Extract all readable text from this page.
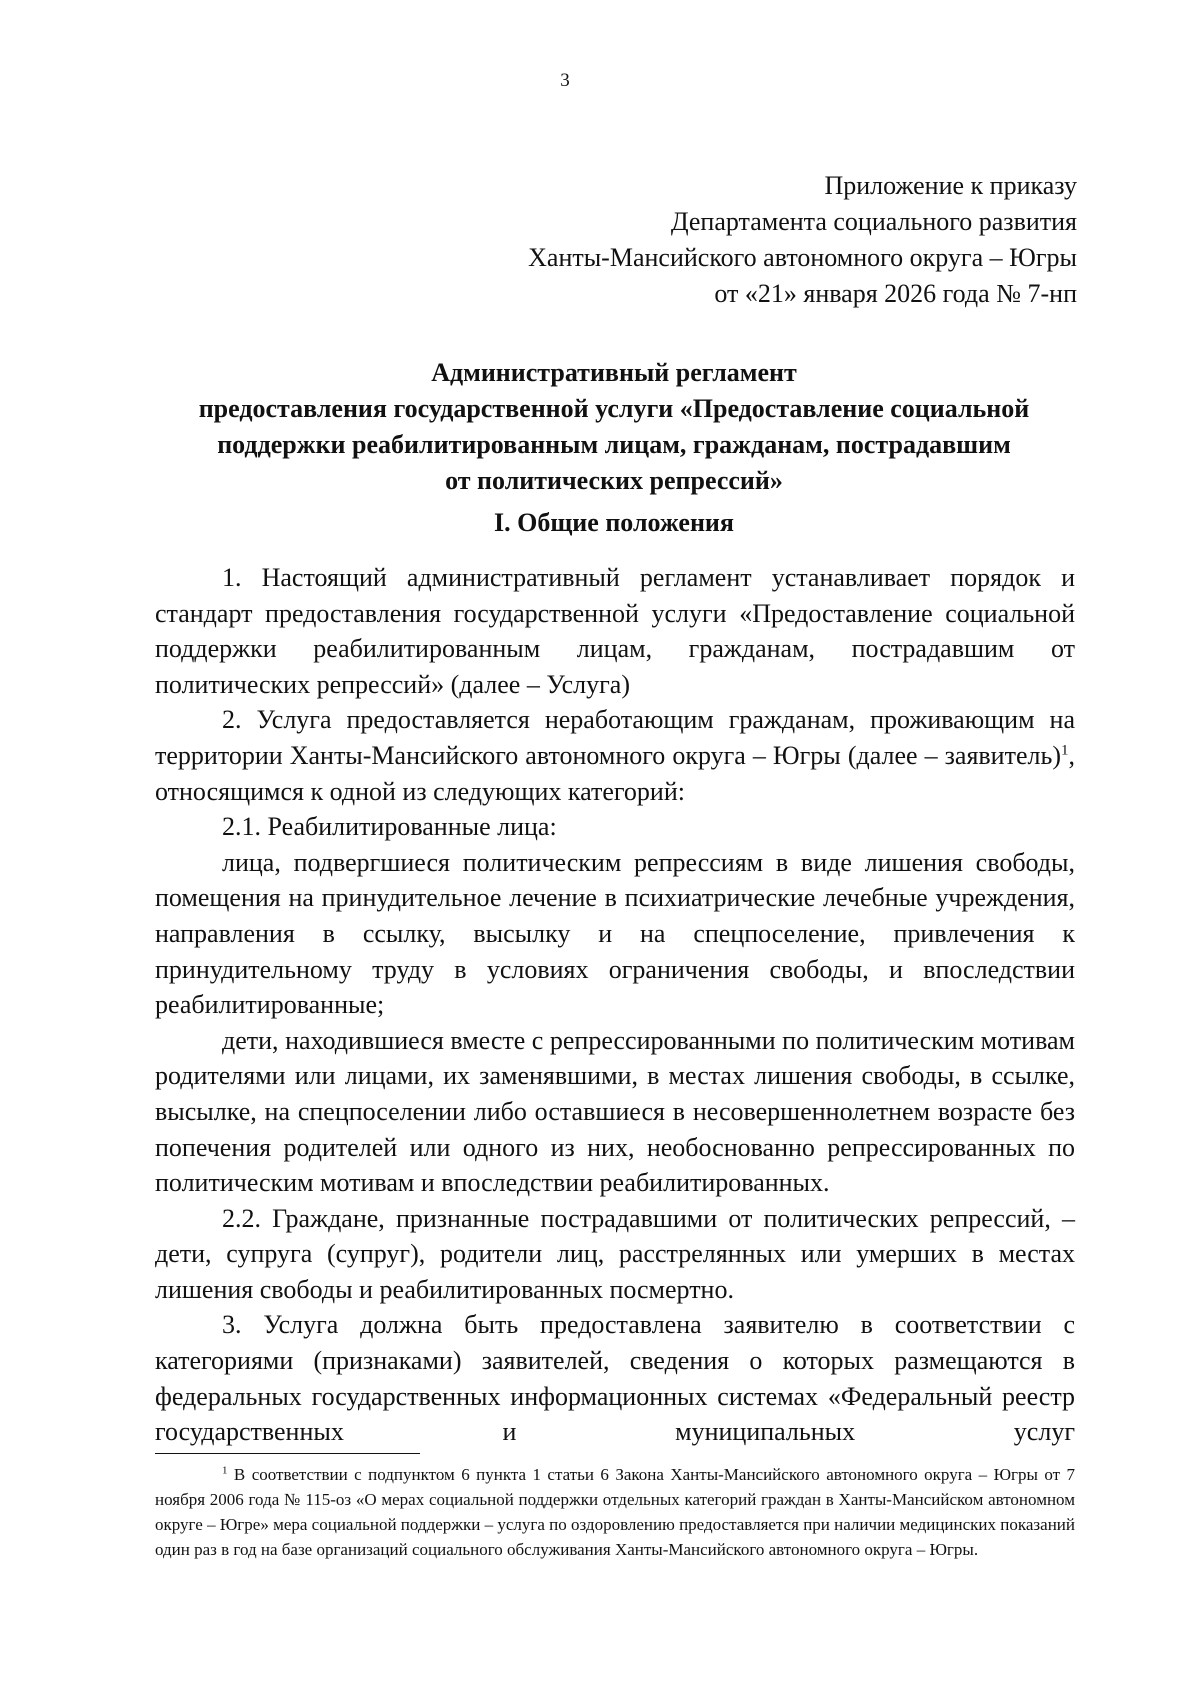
3
Приложение к приказу
Департамента социального развития
Ханты-Мансийского автономного округа – Югры
от «21» января 2026 года № 7-нп
Административный регламент
предоставления государственной услуги «Предоставление социальной
поддержки реабилитированным лицам, гражданам, пострадавшим
от политических репрессий»
I. Общие положения

1. Настоящий административный регламент устанавливает порядок и стандарт предоставления государственной услуги «Предоставление социальной поддержки реабилитированным лицам, гражданам, пострадавшим от политических репрессий» (далее – Услуга)

2. Услуга предоставляется неработающим гражданам, проживающим на территории Ханты-Мансийского автономного округа – Югры (далее – заявитель)$^1$, относящимся к одной из следующих категорий:

2.1. Реабилитированные лица:

лица, подвергшиеся политическим репрессиям в виде лишения свободы, помещения на принудительное лечение в психиатрические лечебные учреждения, направления в ссылку, высылку и на спецпоселение, привлечения к принудительному труду в условиях ограничения свободы, и впоследствии реабилитированные;

дети, находившиеся вместе с репрессированными по политическим мотивам родителями или лицами, их заменявшими, в местах лишения свободы, в ссылке, высылке, на спецпоселении либо оставшиеся в несовершеннолетнем возрасте без попечения родителей или одного из них, необоснованно репрессированных по политическим мотивам и впоследствии реабилитированных.

2.2. Граждане, признанные пострадавшими от политических репрессий, – дети, супруга (супруг), родители лиц, расстрелянных или умерших в местах лишения свободы и реабилитированных посмертно.

3. Услуга должна быть предоставлена заявителю в соответствии с категориями (признаками) заявителей, сведения о которых размещаются в федеральных государственных информационных системах «Федеральный реестр государственных и муниципальных услуг

$^1$ В соответствии с подпунктом 6 пункта 1 статьи 6 Закона Ханты-Мансийского автономного округа – Югры от 7 ноября 2006 года № 115-оз «О мерах социальной поддержки отдельных категорий граждан в Ханты-Мансийском автономном округе – Югре» мера социальной поддержки – услуга по оздоровлению предоставляется при наличии медицинских показаний один раз в год на базе организаций социального обслуживания Ханты-Мансийского автономного округа – Югры.
